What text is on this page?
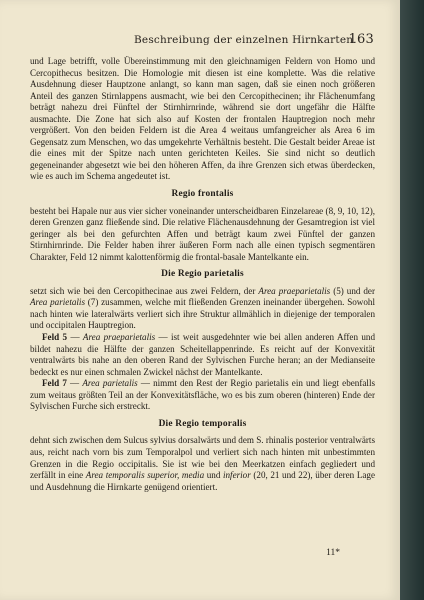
Beschreibung der einzelnen Hirnkarten.
163

und Lage betrifft, volle Übereinstimmung mit den gleichnamigen Feldern von Homo und Cercopithecus besitzen. Die Homologie mit diesen ist eine komplette. Was die relative Ausdehnung dieser Hauptzone anlangt, so kann man sagen, daß sie einen noch größeren Anteil des ganzen Stirnlappens ausmacht, wie bei den Cercopithecinen; ihr Flächenumfang beträgt nahezu drei Fünftel der Stirnhirnrinde, während sie dort ungefähr die Hälfte ausmachte. Die Zone hat sich also auf Kosten der frontalen Hauptregion noch mehr vergrößert. Von den beiden Feldern ist die Area 4 weitaus umfangreicher als Area 6 im Gegensatz zum Menschen, wo das umgekehrte Verhältnis besteht. Die Gestalt beider Areae ist die eines mit der Spitze nach unten gerichteten Keiles. Sie sind nicht so deutlich gegeneinander abgesetzt wie bei den höheren Affen, da ihre Grenzen sich etwas überdecken, wie es auch im Schema angedeutet ist.

Regio frontalis

besteht bei Hapale nur aus vier sicher voneinander unterscheidbaren Einzelareae (8, 9, 10, 12), deren Grenzen ganz fließende sind. Die relative Flächenausdehnung der Gesamtregion ist viel geringer als bei den gefurchten Affen und beträgt kaum zwei Fünftel der ganzen Stirnhirnrinde. Die Felder haben ihrer äußeren Form nach alle einen typisch segmentären Charakter, Feld 12 nimmt kalottenförmig die frontal-basale Mantelkante ein.

Die Regio parietalis

setzt sich wie bei den Cercopithecinae aus zwei Feldern, der Area praeparietalis (5) und der Area parietalis (7) zusammen, welche mit fließenden Grenzen ineinander übergehen. Sowohl nach hinten wie lateralwärts verliert sich ihre Struktur allmählich in diejenige der temporalen und occipitalen Hauptregion.

Feld 5 — Area praeparietalis — ist weit ausgedehnter wie bei allen anderen Affen und bildet nahezu die Hälfte der ganzen Scheitellappenrinde. Es reicht auf der Konvexität ventralwärts bis nahe an den oberen Rand der Sylvischen Furche heran; an der Medianseite bedeckt es nur einen schmalen Zwickel nächst der Mantelkante.

Feld 7 — Area parietalis — nimmt den Rest der Regio parietalis ein und liegt ebenfalls zum weitaus größten Teil an der Konvexitätsfläche, wo es bis zum oberen (hinteren) Ende der Sylvischen Furche sich erstreckt.

Die Regio temporalis

dehnt sich zwischen dem Sulcus sylvius dorsalwärts und dem S. rhinalis posterior ventralwärts aus, reicht nach vorn bis zum Temporalpol und verliert sich nach hinten mit unbestimmten Grenzen in die Regio occipitalis. Sie ist wie bei den Meerkatzen einfach gegliedert und zerfällt in eine Area temporalis superior, media und inferior (20, 21 und 22), über deren Lage und Ausdehnung die Hirnkarte genügend orientiert.

11*
